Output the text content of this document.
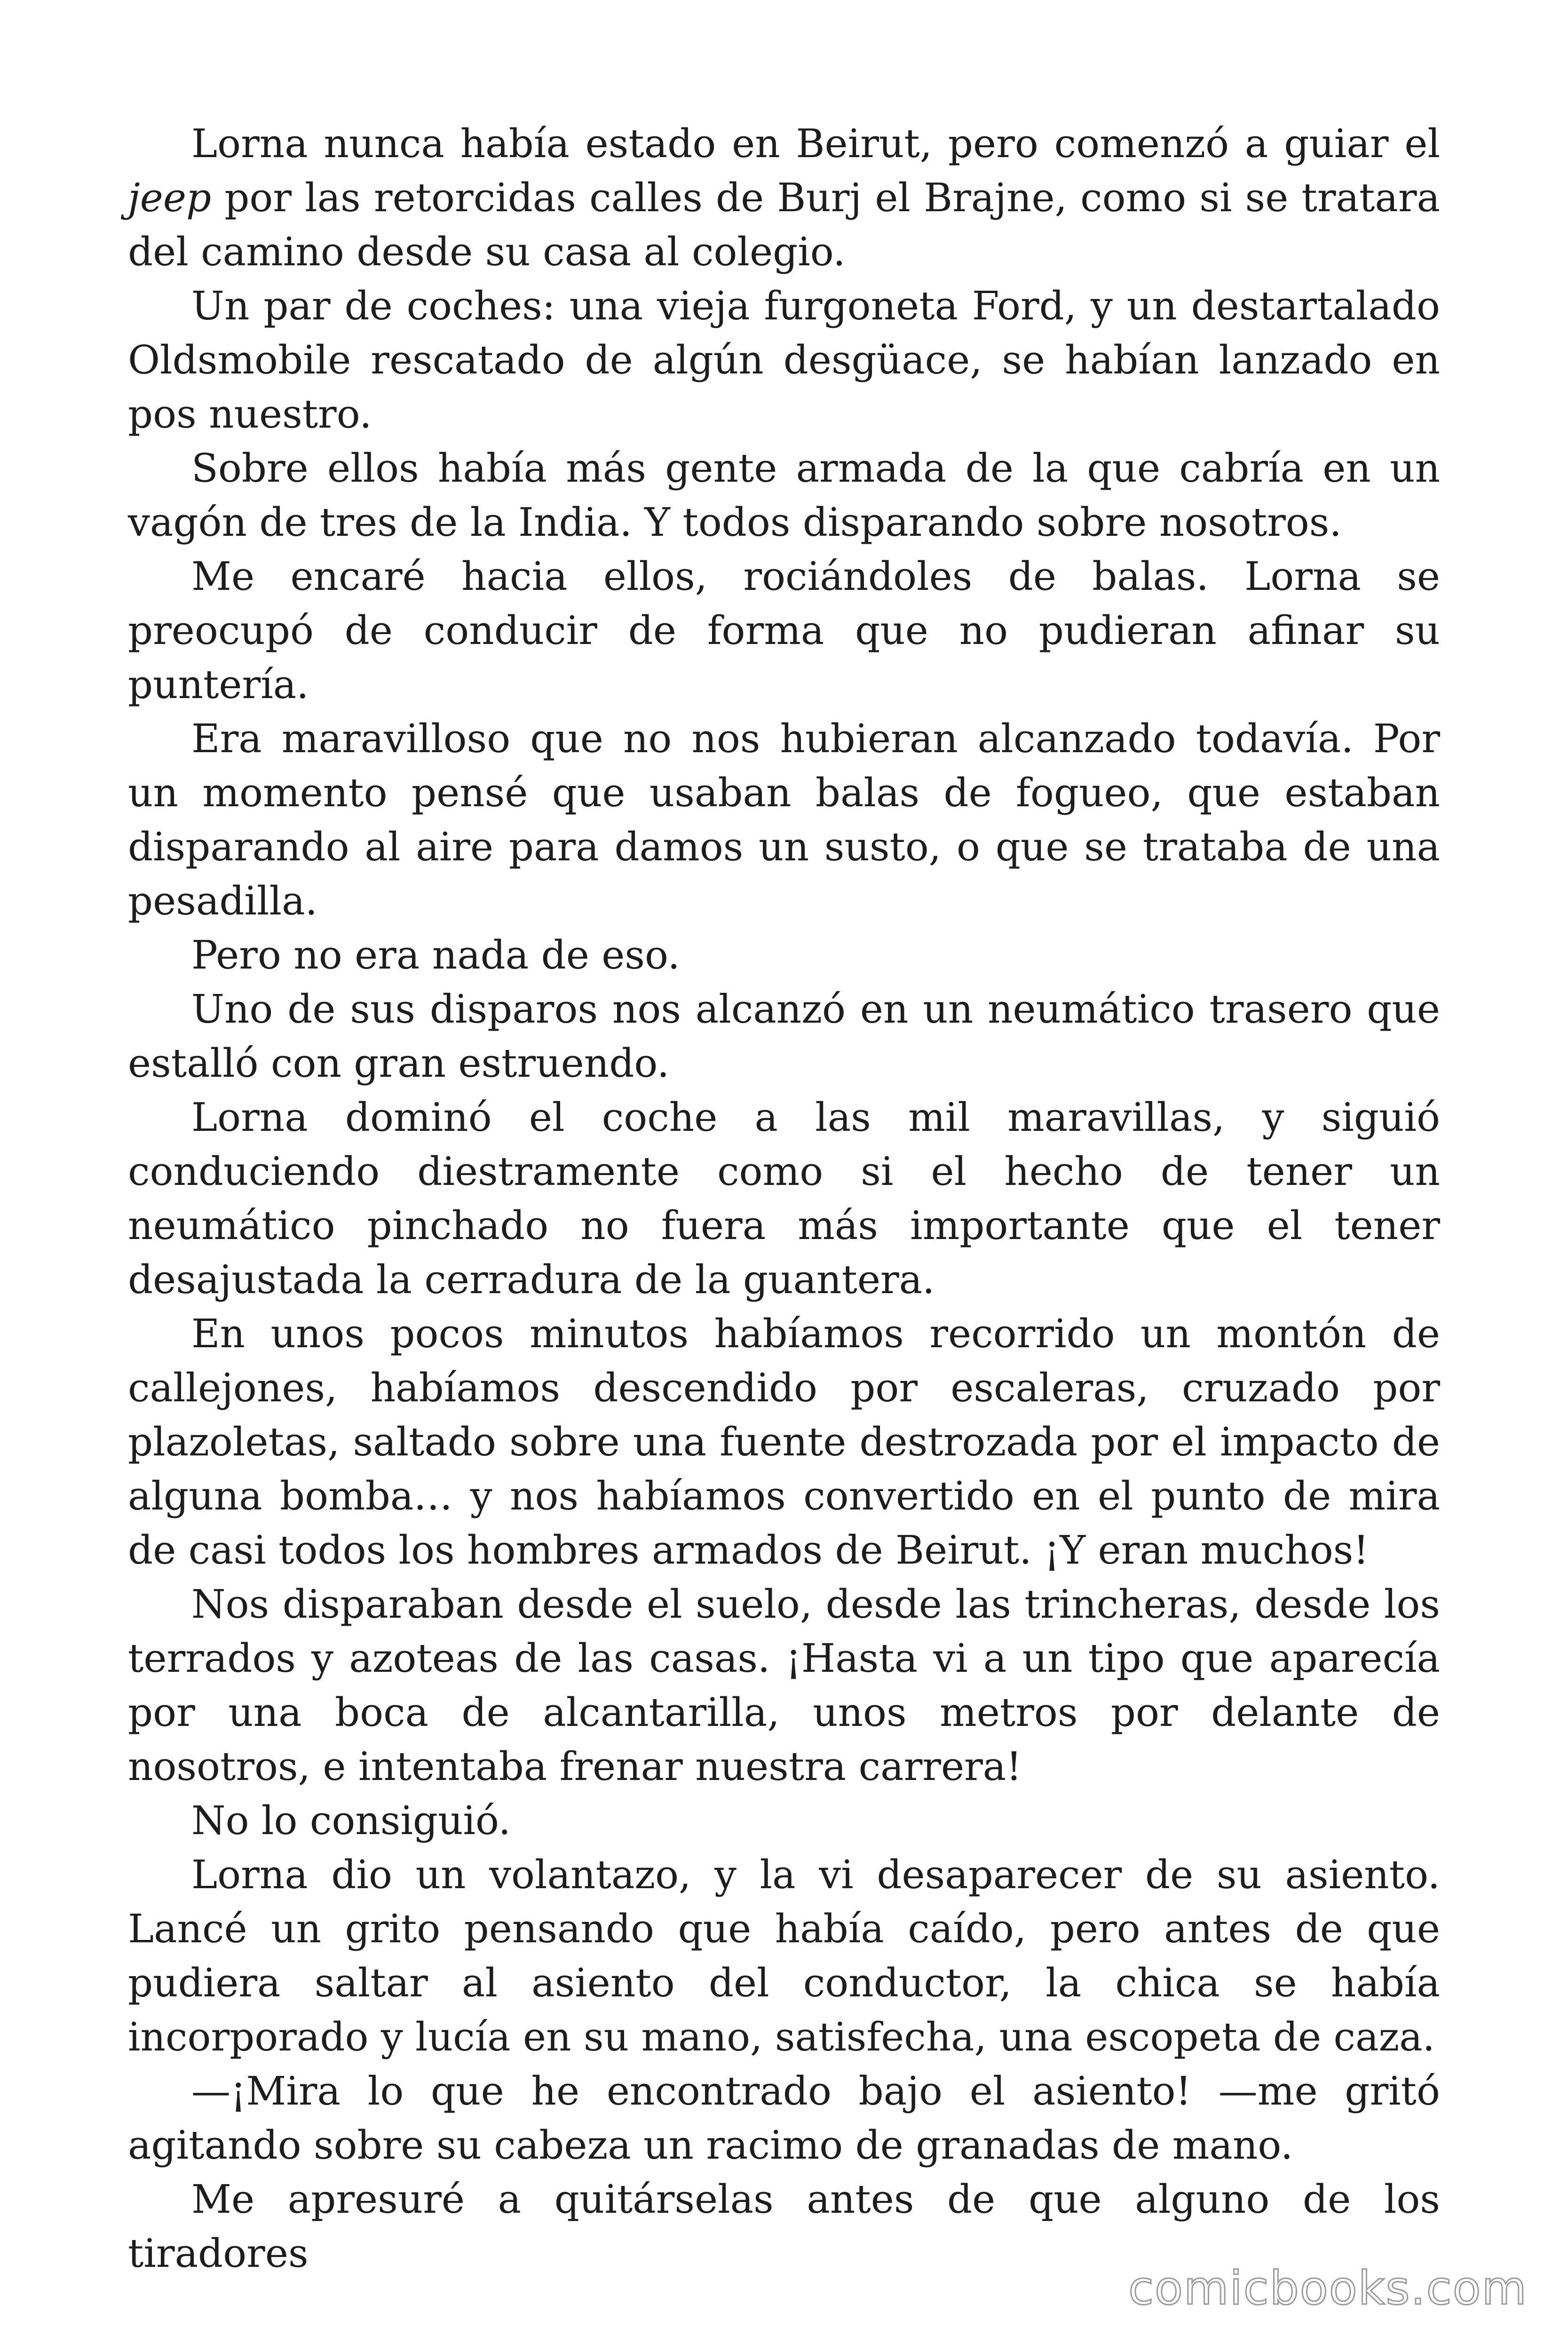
Lorna nunca había estado en Beirut, pero comenzó a guiar el jeep por las retorcidas calles de Burj el Brajne, como si se tratara del camino desde su casa al colegio.

Un par de coches: una vieja furgoneta Ford, y un destartalado Oldsmobile rescatado de algún desgüace, se habían lanzado en pos nuestro.

Sobre ellos había más gente armada de la que cabría en un vagón de tres de la India. Y todos disparando sobre nosotros.

Me encaré hacia ellos, rociándoles de balas. Lorna se preocupó de conducir de forma que no pudieran afinar su puntería.

Era maravilloso que no nos hubieran alcanzado todavía. Por un momento pensé que usaban balas de fogueo, que estaban disparando al aire para damos un susto, o que se trataba de una pesadilla.

Pero no era nada de eso.

Uno de sus disparos nos alcanzó en un neumático trasero que estalló con gran estruendo.

Lorna dominó el coche a las mil maravillas, y siguió conduciendo diestramente como si el hecho de tener un neumático pinchado no fuera más importante que el tener desajustada la cerradura de la guantera.

En unos pocos minutos habíamos recorrido un montón de callejones, habíamos descendido por escaleras, cruzado por plazoletas, saltado sobre una fuente destrozada por el impacto de alguna bomba… y nos habíamos convertido en el punto de mira de casi todos los hombres armados de Beirut. ¡Y eran muchos!

Nos disparaban desde el suelo, desde las trincheras, desde los terrados y azoteas de las casas. ¡Hasta vi a un tipo que aparecía por una boca de alcantarilla, unos metros por delante de nosotros, e intentaba frenar nuestra carrera!

No lo consiguió.

Lorna dio un volantazo, y la vi desaparecer de su asiento. Lancé un grito pensando que había caído, pero antes de que pudiera saltar al asiento del conductor, la chica se había incorporado y lucía en su mano, satisfecha, una escopeta de caza.

—¡Mira lo que he encontrado bajo el asiento! —me gritó agitando sobre su cabeza un racimo de granadas de mano.

Me apresuré a quitárselas antes de que alguno de los tiradores

comicbooks.com
